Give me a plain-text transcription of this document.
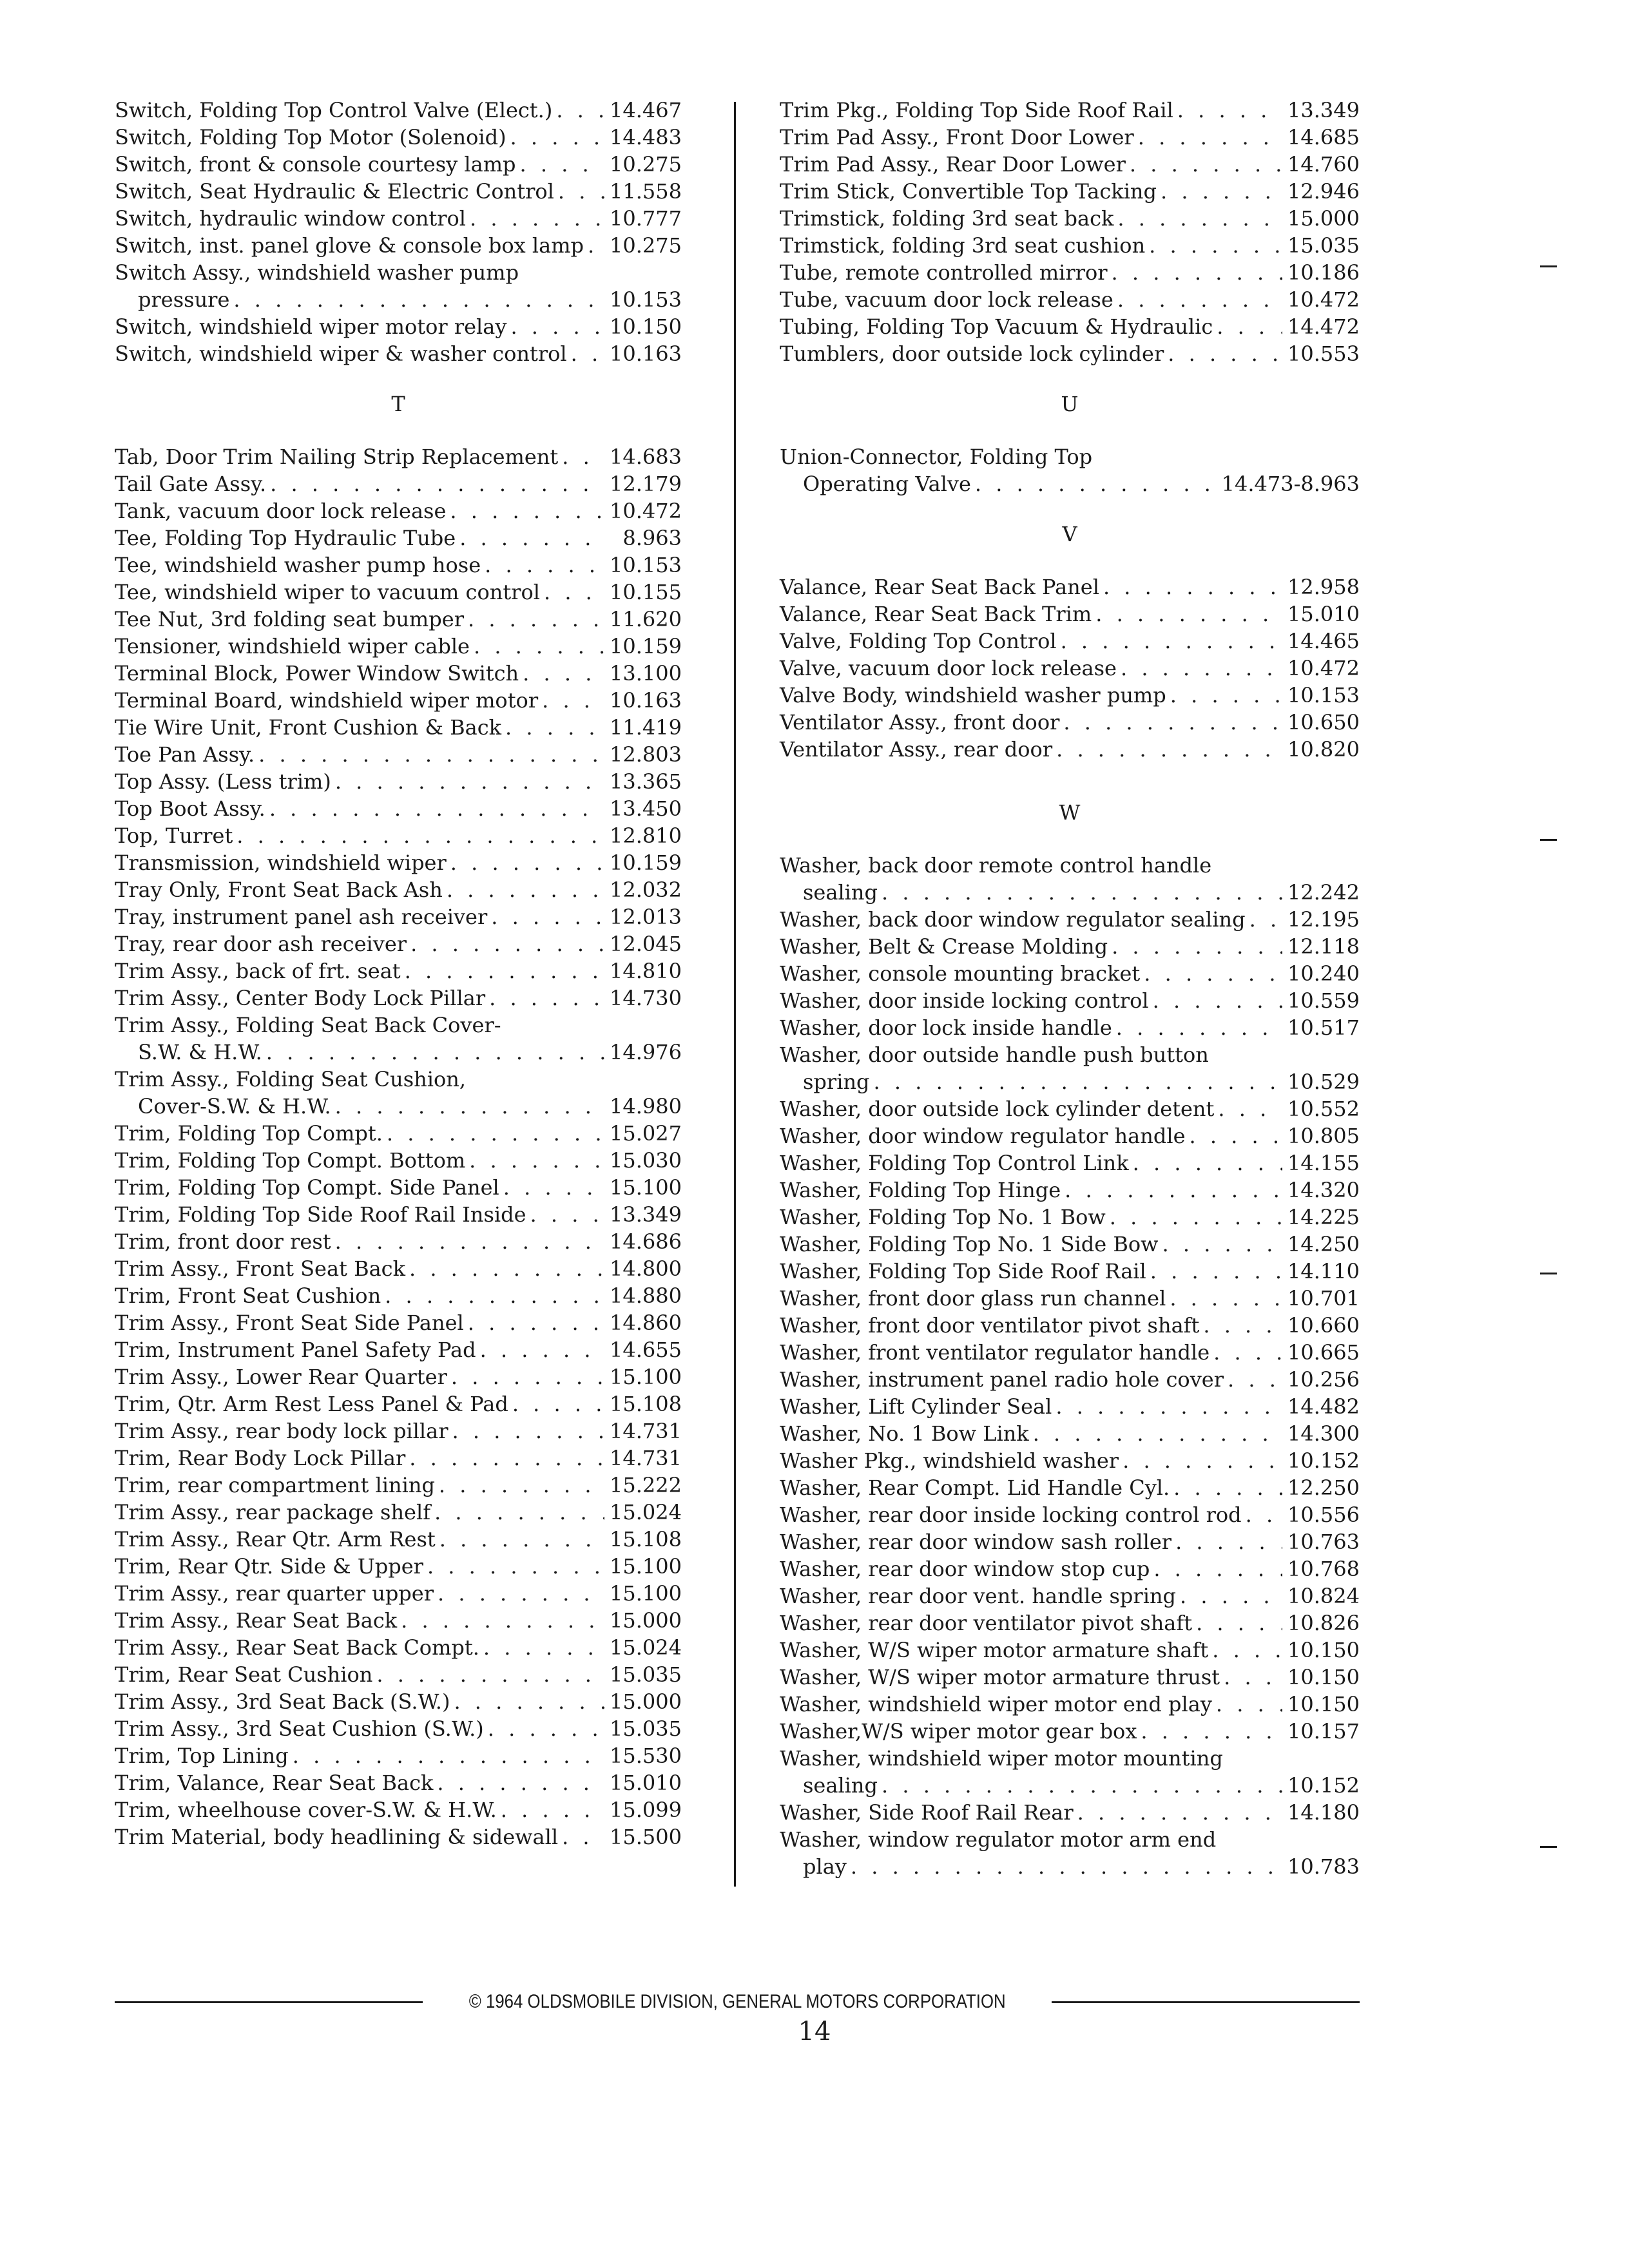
Switch, Folding Top Control Valve (Elect.) . . .	14.467
Switch, Folding Top Motor (Solenoid) . . .	14.483
Switch, front & console courtesy lamp . . .	10.275
Switch, Seat Hydraulic & Electric Control . . .	11.558
Switch, hydraulic window control . . .	10.777
Switch, inst. panel glove & console box lamp . . . 10.275
Switch Assy., windshield washer pump
pressure . . .	10.153
Switch, windshield wiper motor relay . . .	10.150
Switch, windshield wiper & washer control . . . 10.163
T
Tab, Door Trim Nailing Strip Replacement . . . 14.683
Tail Gate Assy. . . .	12.179
Tank, vacuum door lock release . . .	10.472
Tee, Folding Top Hydraulic Tube . . .	8.963
Tee, windshield washer pump hose . . .	10.153
Tee, windshield wiper to vacuum control . . .	10.155
Tee Nut, 3rd folding seat bumper . . .	11.620
Tensioner, windshield wiper cable . . .	10.159
Terminal Block, Power Window Switch . . .	13.100
Terminal Board, windshield wiper motor . . .	10.163
Tie Wire Unit, Front Cushion & Back . . .	11.419
Toe Pan Assy. . . .	12.803
Top Assy. (Less trim) . . .	13.365
Top Boot Assy. . . .	13.450
Top, Turret . . .	12.810
Transmission, windshield wiper . . .	10.159
Tray Only, Front Seat Back Ash . . .	12.032
Tray, instrument panel ash receiver . . .	12.013
Tray, rear door ash receiver . . .	12.045
Trim Assy., back of frt. seat . . .	14.810
Trim Assy., Center Body Lock Pillar . . .	14.730
Trim Assy., Folding Seat Back Cover-
S.W. & H.W. . . .	14.976
Trim Assy., Folding Seat Cushion,
Cover-S.W. & H.W. . . .	14.980
Trim, Folding Top Compt. . . .	15.027
Trim, Folding Top Compt. Bottom . . .	15.030
Trim, Folding Top Compt. Side Panel . . .	15.100
Trim, Folding Top Side Roof Rail Inside . . .	13.349
Trim, front door rest . . .	14.686
Trim Assy., Front Seat Back . . .	14.800
Trim, Front Seat Cushion . . .	14.880
Trim Assy., Front Seat Side Panel . . .	14.860
Trim, Instrument Panel Safety Pad . . .	14.655
Trim Assy., Lower Rear Quarter . . .	15.100
Trim, Qtr. Arm Rest Less Panel & Pad . . .	15.108
Trim Assy., rear body lock pillar . . .	14.731
Trim, Rear Body Lock Pillar . . .	14.731
Trim, rear compartment lining . . .	15.222
Trim Assy., rear package shelf . . .	15.024
Trim Assy., Rear Qtr. Arm Rest . . .	15.108
Trim, Rear Qtr. Side & Upper . . .	15.100
Trim Assy., rear quarter upper . . .	15.100
Trim Assy., Rear Seat Back . . .	15.000
Trim Assy., Rear Seat Back Compt. . . .	15.024
Trim, Rear Seat Cushion . . .	15.035
Trim Assy., 3rd Seat Back (S.W.) . . .	15.000
Trim Assy., 3rd Seat Cushion (S.W.) . . .	15.035
Trim, Top Lining . . .	15.530
Trim, Valance, Rear Seat Back . . .	15.010
Trim, wheelhouse cover-S.W. & H.W. . . .	15.099
Trim Material, body headlining & sidewall . . . 15.500
Trim Pkg., Folding Top Side Roof Rail . . .	13.349
Trim Pad Assy., Front Door Lower . . .	14.685
Trim Pad Assy., Rear Door Lower . . .	14.760
Trim Stick, Convertible Top Tacking . . .	12.946
Trimstick, folding 3rd seat back . . .	15.000
Trimstick, folding 3rd seat cushion . . .	15.035
Tube, remote controlled mirror . . .	10.186
Tube, vacuum door lock release . . .	10.472
Tubing, Folding Top Vacuum & Hydraulic . . .	14.472
Tumblers, door outside lock cylinder . . .	10.553
U
Union-Connector, Folding Top
Operating Valve . . .	14.473-8.963
V
Valance, Rear Seat Back Panel . . .	12.958
Valance, Rear Seat Back Trim . . .	15.010
Valve, Folding Top Control . . .	14.465
Valve, vacuum door lock release . . .	10.472
Valve Body, windshield washer pump . . .	10.153
Ventilator Assy., front door . . .	10.650
Ventilator Assy., rear door . . .	10.820
W
Washer, back door remote control handle
sealing . . .	12.242
Washer, back door window regulator sealing . . . 12.195
Washer, Belt & Crease Molding . . .	12.118
Washer, console mounting bracket . . .	10.240
Washer, door inside locking control . . .	10.559
Washer, door lock inside handle . . .	10.517
Washer, door outside handle push button
spring . . .	10.529
Washer, door outside lock cylinder detent . . .	10.552
Washer, door window regulator handle . . .	10.805
Washer, Folding Top Control Link . . .	14.155
Washer, Folding Top Hinge . . .	14.320
Washer, Folding Top No. 1 Bow . . .	14.225
Washer, Folding Top No. 1 Side Bow . . .	14.250
Washer, Folding Top Side Roof Rail . . .	14.110
Washer, front door glass run channel . . .	10.701
Washer, front door ventilator pivot shaft . . .	10.660
Washer, front ventilator regulator handle . . .	10.665
Washer, instrument panel radio hole cover . . .	10.256
Washer, Lift Cylinder Seal . . .	14.482
Washer, No. 1 Bow Link . . .	14.300
Washer Pkg., windshield washer . . .	10.152
Washer, Rear Compt. Lid Handle Cyl. . . .	12.250
Washer, rear door inside locking control rod . . . 10.556
Washer, rear door window sash roller . . .	10.763
Washer, rear door window stop cup . . .	10.768
Washer, rear door vent. handle spring . . .	10.824
Washer, rear door ventilator pivot shaft . . .	10.826
Washer, W/S wiper motor armature shaft . . .	10.150
Washer, W/S wiper motor armature thrust . . .	10.150
Washer, windshield wiper motor end play . . .	10.150
Washer,W/S wiper motor gear box . . .	10.157
Washer, windshield wiper motor mounting
sealing . . .	10.152
Washer, Side Roof Rail Rear . . .	14.180
Washer, window regulator motor arm end
play . . .	10.783
© 1964 OLDSMOBILE DIVISION, GENERAL MOTORS CORPORATION
14
